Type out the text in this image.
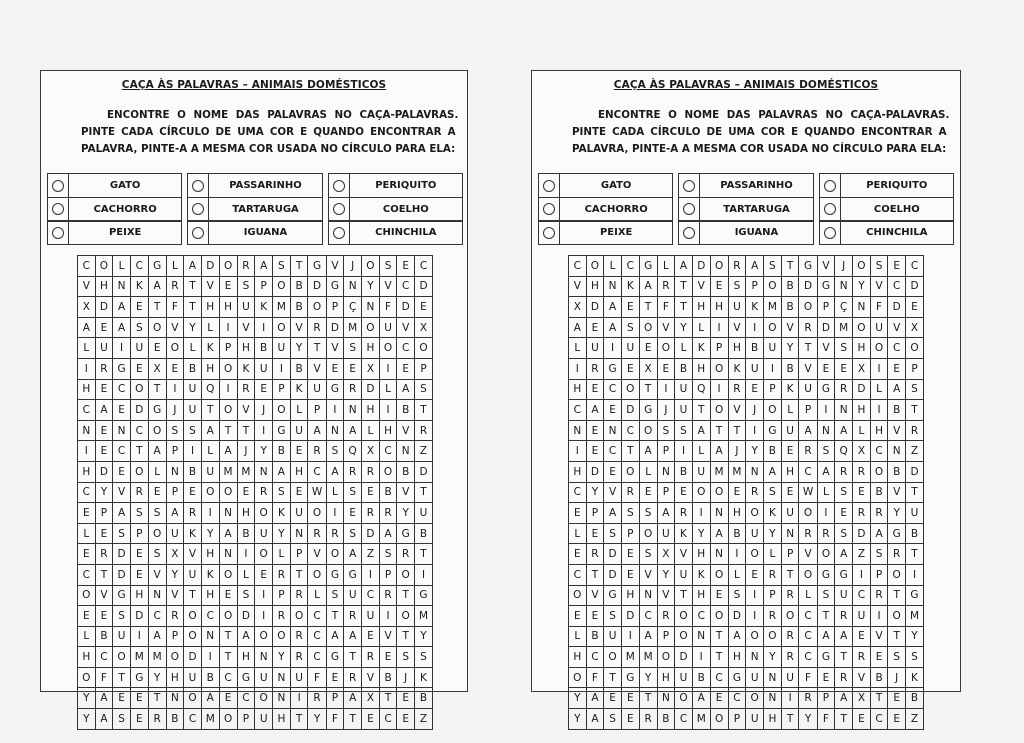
CAÇA ÀS PALAVRAS – ANIMAIS DOMÉSTICOS
ENCONTRE O NOME DAS PALAVRAS NO CAÇA-PALAVRAS.
PINTE CADA CÍRCULO DE UMA COR E QUANDO ENCONTRAR A
PALAVRA, PINTE-A A MESMA COR USADA NO CÍRCULO PARA ELA:
GATO
CACHORRO
PEIXE
PASSARINHO
TARTARUGA
IGUANA
PERIQUITO
COELHO
CHINCHILA
C	O	L	C	G	L	A	D	O	R	A	S	T	G	V	J	O	S	E	C
V	H	N	K	A	R	T	V	E	S	P	O	B	D	G	N	Y	V	C	D
X	D	A	E	T	F	T	H	H	U	K	M	B	O	P	Ç	N	F	D	E
A	E	A	S	O	V	Y	L	I	V	I	O	V	R	D	M	O	U	V	X
L	U	I	U	E	O	L	K	P	H	B	U	Y	T	V	S	H	O	C	O
I	R	G	E	X	E	B	H	O	K	U	I	B	V	E	E	X	I	E	P
H	E	C	O	T	I	U	Q	I	R	E	P	K	U	G	R	D	L	A	S
C	A	E	D	G	J	U	T	O	V	J	O	L	P	I	N	H	I	B	T
N	E	N	C	O	S	S	A	T	T	I	G	U	A	N	A	L	H	V	R
I	E	C	T	A	P	I	L	A	J	Y	B	E	R	S	Q	X	C	N	Z
H	D	E	O	L	N	B	U	M	M	N	A	H	C	A	R	R	O	B	D
C	Y	V	R	E	P	E	O	O	E	R	S	E	W	L	S	E	B	V	T
E	P	A	S	S	A	R	I	N	H	O	K	U	O	I	E	R	R	Y	U
L	E	S	P	O	U	K	Y	A	B	U	Y	N	R	R	S	D	A	G	B
E	R	D	E	S	X	V	H	N	I	O	L	P	V	O	A	Z	S	R	T
C	T	D	E	V	Y	U	K	O	L	E	R	T	O	G	G	I	P	O	I
O	V	G	H	N	V	T	H	E	S	I	P	R	L	S	U	C	R	T	G
E	E	S	D	C	R	O	C	O	D	I	R	O	C	T	R	U	I	O	M
L	B	U	I	A	P	O	N	T	A	O	O	R	C	A	A	E	V	T	Y
H	C	O	M	M	O	D	I	T	H	N	Y	R	C	G	T	R	E	S	S
O	F	T	G	Y	H	U	B	C	G	U	N	U	F	E	R	V	B	J	K
Y	A	E	E	T	N	O	A	E	C	O	N	I	R	P	A	X	T	E	B
Y	A	S	E	R	B	C	M	O	P	U	H	T	Y	F	T	E	C	E	Z
CAÇA ÀS PALAVRAS – ANIMAIS DOMÉSTICOS
ENCONTRE O NOME DAS PALAVRAS NO CAÇA-PALAVRAS.
PINTE CADA CÍRCULO DE UMA COR E QUANDO ENCONTRAR A
PALAVRA, PINTE-A A MESMA COR USADA NO CÍRCULO PARA ELA:
GATO
CACHORRO
PEIXE
PASSARINHO
TARTARUGA
IGUANA
PERIQUITO
COELHO
CHINCHILA
C	O	L	C	G	L	A	D	O	R	A	S	T	G	V	J	O	S	E	C
V	H	N	K	A	R	T	V	E	S	P	O	B	D	G	N	Y	V	C	D
X	D	A	E	T	F	T	H	H	U	K	M	B	O	P	Ç	N	F	D	E
A	E	A	S	O	V	Y	L	I	V	I	O	V	R	D	M	O	U	V	X
L	U	I	U	E	O	L	K	P	H	B	U	Y	T	V	S	H	O	C	O
I	R	G	E	X	E	B	H	O	K	U	I	B	V	E	E	X	I	E	P
H	E	C	O	T	I	U	Q	I	R	E	P	K	U	G	R	D	L	A	S
C	A	E	D	G	J	U	T	O	V	J	O	L	P	I	N	H	I	B	T
N	E	N	C	O	S	S	A	T	T	I	G	U	A	N	A	L	H	V	R
I	E	C	T	A	P	I	L	A	J	Y	B	E	R	S	Q	X	C	N	Z
H	D	E	O	L	N	B	U	M	M	N	A	H	C	A	R	R	O	B	D
C	Y	V	R	E	P	E	O	O	E	R	S	E	W	L	S	E	B	V	T
E	P	A	S	S	A	R	I	N	H	O	K	U	O	I	E	R	R	Y	U
L	E	S	P	O	U	K	Y	A	B	U	Y	N	R	R	S	D	A	G	B
E	R	D	E	S	X	V	H	N	I	O	L	P	V	O	A	Z	S	R	T
C	T	D	E	V	Y	U	K	O	L	E	R	T	O	G	G	I	P	O	I
O	V	G	H	N	V	T	H	E	S	I	P	R	L	S	U	C	R	T	G
E	E	S	D	C	R	O	C	O	D	I	R	O	C	T	R	U	I	O	M
L	B	U	I	A	P	O	N	T	A	O	O	R	C	A	A	E	V	T	Y
H	C	O	M	M	O	D	I	T	H	N	Y	R	C	G	T	R	E	S	S
O	F	T	G	Y	H	U	B	C	G	U	N	U	F	E	R	V	B	J	K
Y	A	E	E	T	N	O	A	E	C	O	N	I	R	P	A	X	T	E	B
Y	A	S	E	R	B	C	M	O	P	U	H	T	Y	F	T	E	C	E	Z
